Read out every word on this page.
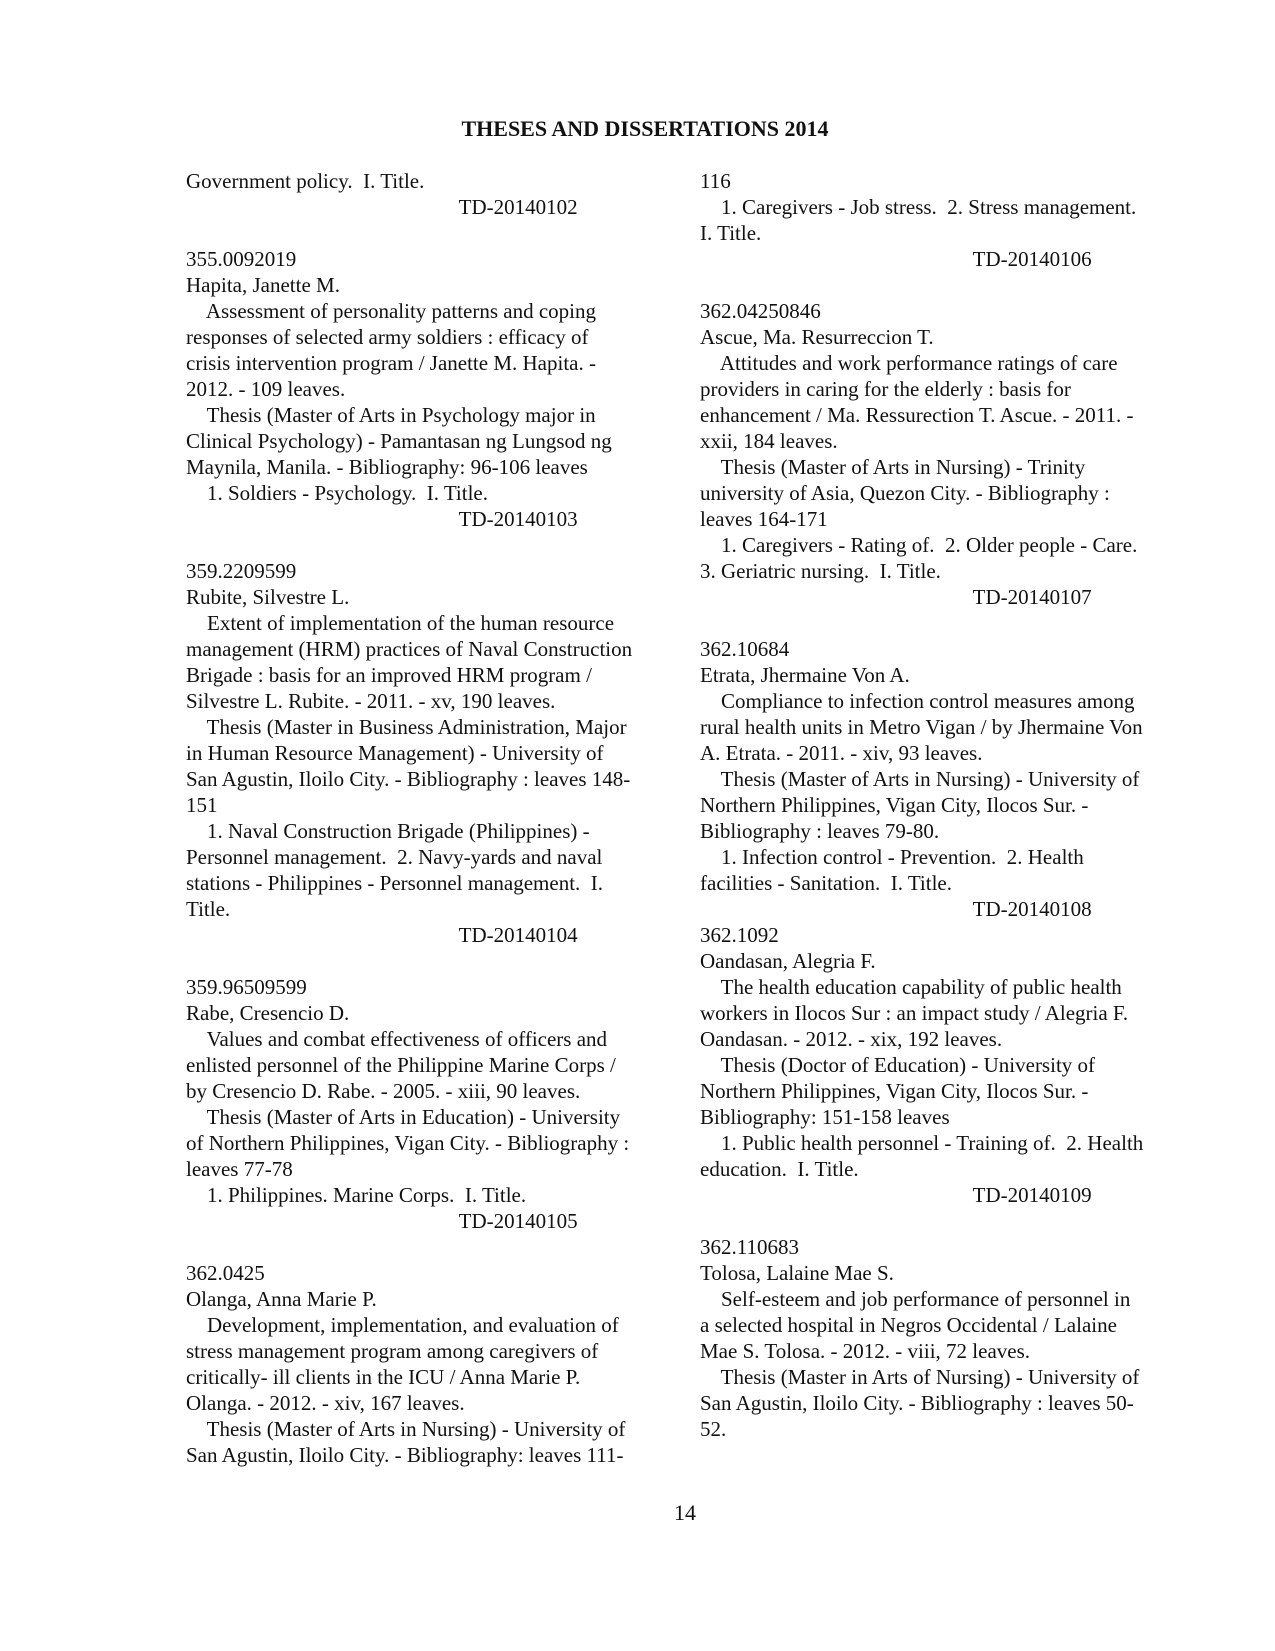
THESES AND DISSERTATIONS 2014
Government policy.  I. Title.
TD-20140102
355.0092019
Hapita, Janette M.
Assessment of personality patterns and coping
responses of selected army soldiers : efficacy of
crisis intervention program / Janette M. Hapita. -
2012. - 109 leaves.
Thesis (Master of Arts in Psychology major in
Clinical Psychology) - Pamantasan ng Lungsod ng
Maynila, Manila. - Bibliography: 96-106 leaves
1. Soldiers - Psychology.  I. Title.
TD-20140103
359.2209599
Rubite, Silvestre L.
Extent of implementation of the human resource
management (HRM) practices of Naval Construction
Brigade : basis for an improved HRM program /
Silvestre L. Rubite. - 2011. - xv, 190 leaves.
Thesis (Master in Business Administration, Major
in Human Resource Management) - University of
San Agustin, Iloilo City. - Bibliography : leaves 148-
151
1. Naval Construction Brigade (Philippines) -
Personnel management.  2. Navy-yards and naval
stations - Philippines - Personnel management.  I.
Title.
TD-20140104
359.96509599
Rabe, Cresencio D.
Values and combat effectiveness of officers and
enlisted personnel of the Philippine Marine Corps /
by Cresencio D. Rabe. - 2005. - xiii, 90 leaves.
Thesis (Master of Arts in Education) - University
of Northern Philippines, Vigan City. - Bibliography :
leaves 77-78
1. Philippines. Marine Corps.  I. Title.
TD-20140105
362.0425
Olanga, Anna Marie P.
Development, implementation, and evaluation of
stress management program among caregivers of
critically- ill clients in the ICU / Anna Marie P.
Olanga. - 2012. - xiv, 167 leaves.
Thesis (Master of Arts in Nursing) - University of
San Agustin, Iloilo City. - Bibliography: leaves 111-
116
1. Caregivers - Job stress.  2. Stress management.
I. Title.
TD-20140106
362.04250846
Ascue, Ma. Resurreccion T.
Attitudes and work performance ratings of care
providers in caring for the elderly : basis for
enhancement / Ma. Ressurection T. Ascue. - 2011. -
xxii, 184 leaves.
Thesis (Master of Arts in Nursing) - Trinity
university of Asia, Quezon City. - Bibliography :
leaves 164-171
1. Caregivers - Rating of.  2. Older people - Care.
3. Geriatric nursing.  I. Title.
TD-20140107
362.10684
Etrata, Jhermaine Von A.
Compliance to infection control measures among
rural health units in Metro Vigan / by Jhermaine Von
A. Etrata. - 2011. - xiv, 93 leaves.
Thesis (Master of Arts in Nursing) - University of
Northern Philippines, Vigan City, Ilocos Sur. -
Bibliography : leaves 79-80.
1. Infection control - Prevention.  2. Health
facilities - Sanitation.  I. Title.
TD-20140108
362.1092
Oandasan, Alegria F.
The health education capability of public health
workers in Ilocos Sur : an impact study / Alegria F.
Oandasan. - 2012. - xix, 192 leaves.
Thesis (Doctor of Education) - University of
Northern Philippines, Vigan City, Ilocos Sur. -
Bibliography: 151-158 leaves
1. Public health personnel - Training of.  2. Health
education.  I. Title.
TD-20140109
362.110683
Tolosa, Lalaine Mae S.
Self-esteem and job performance of personnel in
a selected hospital in Negros Occidental / Lalaine
Mae S. Tolosa. - 2012. - viii, 72 leaves.
Thesis (Master in Arts of Nursing) - University of
San Agustin, Iloilo City. - Bibliography : leaves 50-
52.
14
